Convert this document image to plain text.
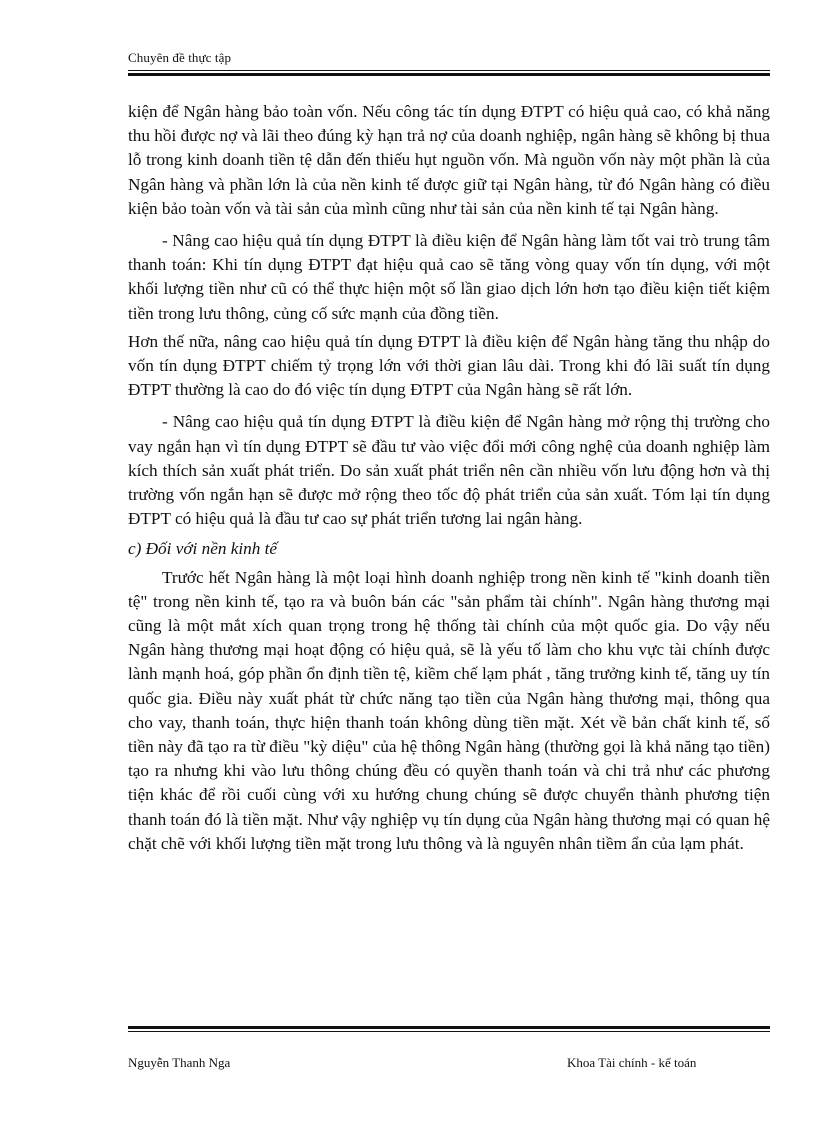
Chuyên đề thực tập

kiện để Ngân hàng bảo toàn vốn. Nếu công tác tín dụng ĐTPT có hiệu quả cao, có khả năng thu hồi được nợ và lãi theo đúng kỳ hạn trả nợ của doanh nghiệp, ngân hàng sẽ không bị thua lỗ trong kinh doanh tiền tệ dẫn đến thiếu hụt nguồn vốn. Mà nguồn vốn này một phần là của Ngân hàng và phần lớn là của nền kinh tế được giữ tại Ngân hàng, từ đó Ngân hàng có điều kiện bảo toàn vốn và tài sản của mình cũng như tài sản của nền kinh tế tại Ngân hàng.

- Nâng cao hiệu quả tín dụng ĐTPT là điều kiện để Ngân hàng làm tốt vai trò trung tâm thanh toán: Khi tín dụng ĐTPT đạt hiệu quả cao sẽ tăng vòng quay vốn tín dụng, với một khối lượng tiền như cũ có thể thực hiện một số lần giao dịch lớn hơn tạo điều kiện tiết kiệm tiền trong lưu thông, củng cố sức mạnh của đồng tiền.

Hơn thế nữa, nâng cao hiệu quả tín dụng ĐTPT là điều kiện để Ngân hàng tăng thu nhập do vốn tín dụng ĐTPT chiếm tỷ trọng lớn với thời gian lâu dài. Trong khi đó lãi suất tín dụng ĐTPT thường là cao do đó việc tín dụng ĐTPT của Ngân hàng sẽ rất lớn.

- Nâng cao hiệu quả tín dụng ĐTPT là điều kiện để Ngân hàng mở rộng thị trường cho vay ngắn hạn vì tín dụng ĐTPT sẽ đầu tư vào việc đổi mới công nghệ của doanh nghiệp làm kích thích sản xuất phát triển. Do sản xuất phát triển nên cần nhiều vốn lưu động hơn và thị trường vốn ngắn hạn sẽ được mở rộng theo tốc độ phát triển của sản xuất. Tóm lại tín dụng ĐTPT có hiệu quả là đầu tư cao sự phát triển tương lai ngân hàng.

c) Đối với nền kinh tế

Trước hết Ngân hàng là một loại hình doanh nghiệp trong nền kinh tế "kinh doanh tiền tệ" trong nền kinh tế, tạo ra và buôn bán các "sản phẩm tài chính". Ngân hàng thương mại cũng là một mắt xích quan trọng trong hệ thống tài chính của một quốc gia. Do vậy nếu Ngân hàng thương mại hoạt động có hiệu quả, sẽ là yếu tố làm cho khu vực tài chính được lành mạnh hoá, góp phần ổn định tiền tệ, kiềm chế lạm phát , tăng trưởng kinh tế, tăng uy tín quốc gia. Điều này xuất phát từ chức năng tạo tiền của Ngân hàng thương mại, thông qua cho vay, thanh toán, thực hiện thanh toán không dùng tiền mặt. Xét về bản chất kinh tế, số tiền này đã tạo ra từ điều "kỳ diệu" của hệ thông Ngân hàng (thường gọi là khả năng tạo tiền) tạo ra nhưng khi vào lưu thông chúng đều có quyền thanh toán và chi trả như các phương tiện khác để rồi cuối cùng với xu hướng chung chúng sẽ được chuyển thành phương tiện thanh toán đó là tiền mặt. Như vậy nghiệp vụ tín dụng của Ngân hàng thương mại có quan hệ chặt chẽ với khối lượng tiền mặt trong lưu thông và là nguyên nhân tiềm ẩn của lạm phát.

Nguyễn Thanh Nga	Khoa Tài chính - kế toán
